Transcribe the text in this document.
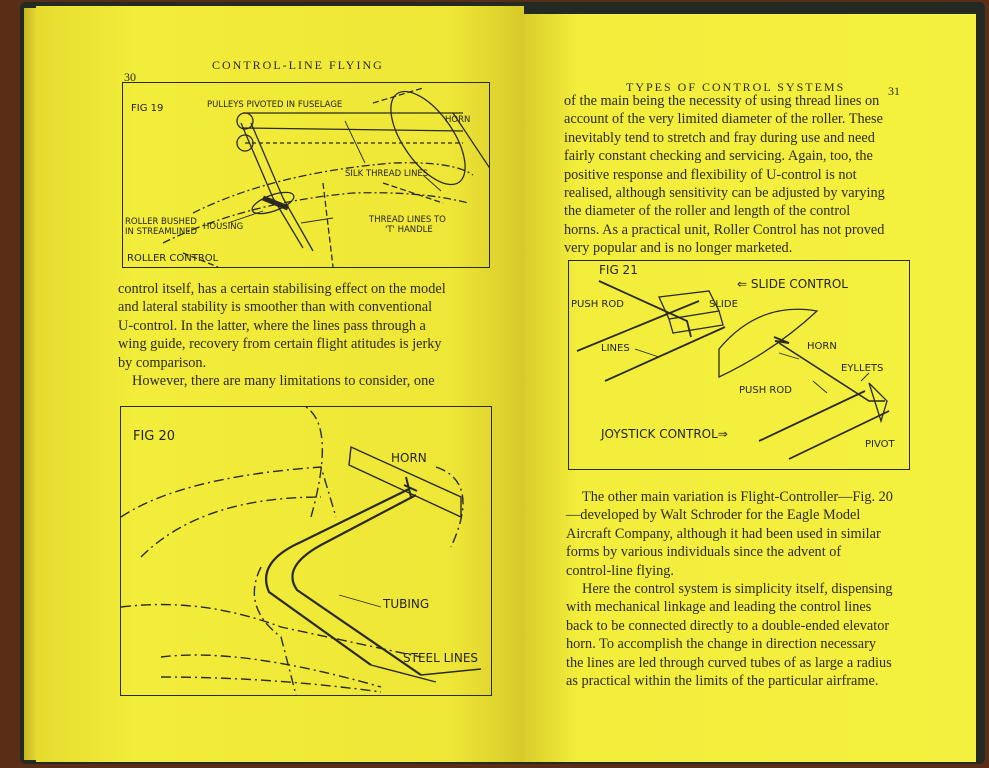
30
CONTROL-LINE FLYING
FIG 19	PULLEYS PIVOTED IN FUSELAGE
HORN
SILK THREAD LINES
ROLLER BUSHED
IN STREAMLINED HOUSING
THREAD LINES TO
'T' HANDLE
ROLLER CONTROL
control itself, has a certain stabilising effect on the model
and lateral stability is smoother than with conventional
U-control. In the latter, where the lines pass through a
wing guide, recovery from certain flight atitudes is jerky
by comparison.
However, there are many limitations to consider, one
FIG 20
HORN
TUBING
STEEL LINES
TYPES OF CONTROL SYSTEMS	31
of the main being the necessity of using thread lines on
account of the very limited diameter of the roller. These
inevitably tend to stretch and fray during use and need
fairly constant checking and servicing. Again, too, the
positive response and flexibility of U-control is not
realised, although sensitivity can be adjusted by varying
the diameter of the roller and length of the control
horns. As a practical unit, Roller Control has not proved
very popular and is no longer marketed.
FIG 21
⇐ SLIDE CONTROL
PUSH ROD	SLIDE
LINES	HORN
EYLLETS
PUSH ROD
JOYSTICK CONTROL⇒
PIVOT
The other main variation is Flight-Controller—Fig. 20
—developed by Walt Schroder for the Eagle Model
Aircraft Company, although it had been used in similar
forms by various individuals since the advent of
control-line flying.
Here the control system is simplicity itself, dispensing
with mechanical linkage and leading the control lines
back to be connected directly to a double-ended elevator
horn. To accomplish the change in direction necessary
the lines are led through curved tubes of as large a radius
as practical within the limits of the particular airframe.
